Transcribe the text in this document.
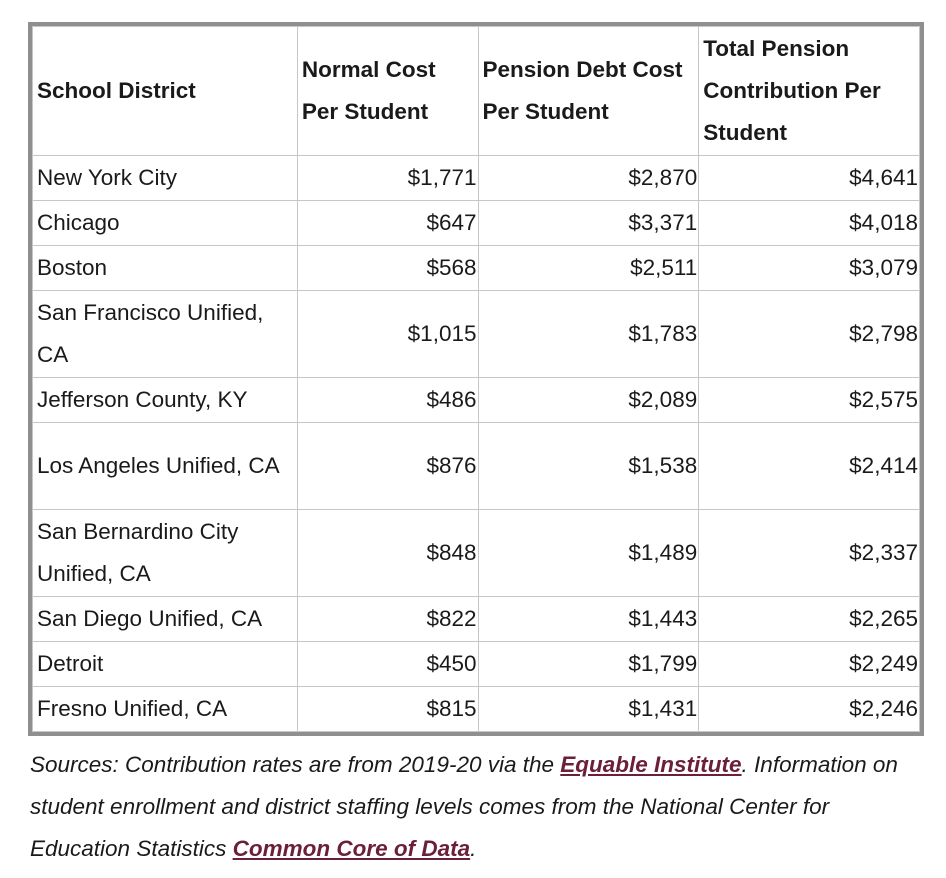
School District	Normal Cost Per Student	Pension Debt Cost Per Student	Total Pension Contribution Per Student
New York City	$1,771	$2,870	$4,641
Chicago	$647	$3,371	$4,018
Boston	$568	$2,511	$3,079
San Francisco Unified, CA	$1,015	$1,783	$2,798
Jefferson County, KY	$486	$2,089	$2,575
Los Angeles Unified, CA	$876	$1,538	$2,414
San Bernardino City Unified, CA	$848	$1,489	$2,337
San Diego Unified, CA	$822	$1,443	$2,265
Detroit	$450	$1,799	$2,249
Fresno Unified, CA	$815	$1,431	$2,246

Sources: Contribution rates are from 2019-20 via the Equable Institute. Information on student enrollment and district staffing levels comes from the National Center for Education Statistics Common Core of Data.
